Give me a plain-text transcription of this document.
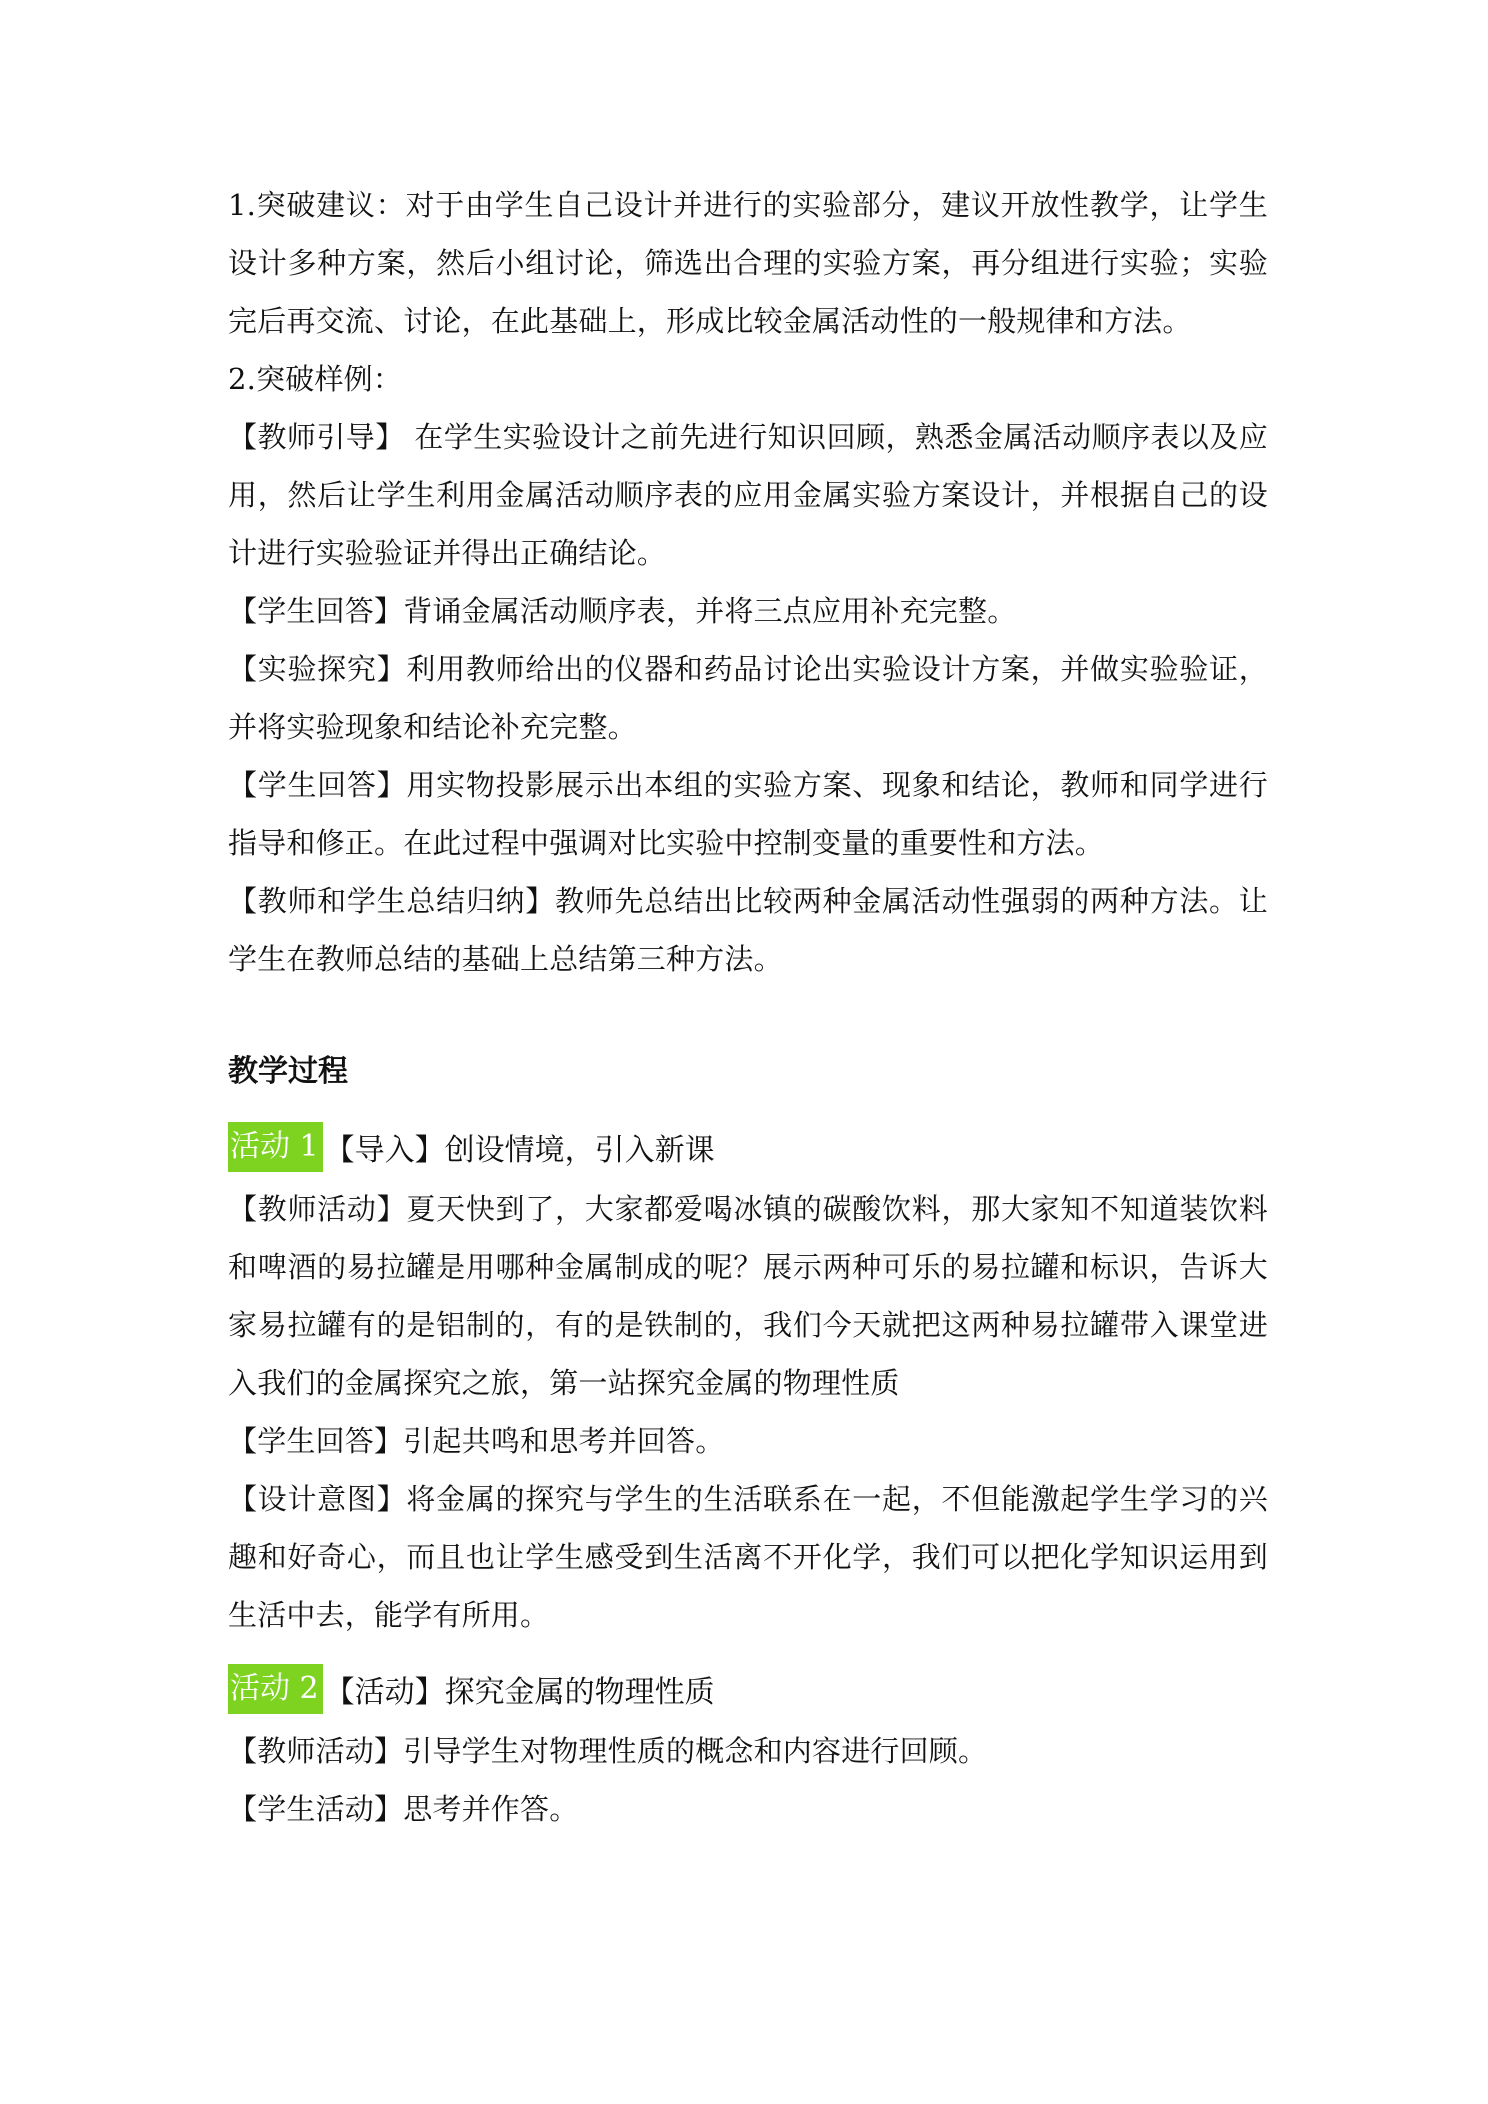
1.突破建议：对于由学生自己设计并进行的实验部分，建议开放性教学，让学生设计多种方案，然后小组讨论，筛选出合理的实验方案，再分组进行实验；实验完后再交流、讨论，在此基础上，形成比较金属活动性的一般规律和方法。

2.突破样例：

【教师引导】 在学生实验设计之前先进行知识回顾，熟悉金属活动顺序表以及应用，然后让学生利用金属活动顺序表的应用金属实验方案设计，并根据自己的设计进行实验验证并得出正确结论。

【学生回答】背诵金属活动顺序表，并将三点应用补充完整。

【实验探究】利用教师给出的仪器和药品讨论出实验设计方案，并做实验验证，并将实验现象和结论补充完整。

【学生回答】用实物投影展示出本组的实验方案、现象和结论，教师和同学进行指导和修正。在此过程中强调对比实验中控制变量的重要性和方法。

【教师和学生总结归纳】教师先总结出比较两种金属活动性强弱的两种方法。让学生在教师总结的基础上总结第三种方法。

教学过程
活动 1 【导入】创设情境，引入新课

【教师活动】夏天快到了，大家都爱喝冰镇的碳酸饮料，那大家知不知道装饮料和啤酒的易拉罐是用哪种金属制成的呢？展示两种可乐的易拉罐和标识，告诉大家易拉罐有的是铝制的，有的是铁制的，我们今天就把这两种易拉罐带入课堂进入我们的金属探究之旅，第一站探究金属的物理性质

【学生回答】引起共鸣和思考并回答。

【设计意图】将金属的探究与学生的生活联系在一起，不但能激起学生学习的兴趣和好奇心，而且也让学生感受到生活离不开化学，我们可以把化学知识运用到生活中去，能学有所用。

活动 2 【活动】探究金属的物理性质

【教师活动】引导学生对物理性质的概念和内容进行回顾。

【学生活动】思考并作答。
